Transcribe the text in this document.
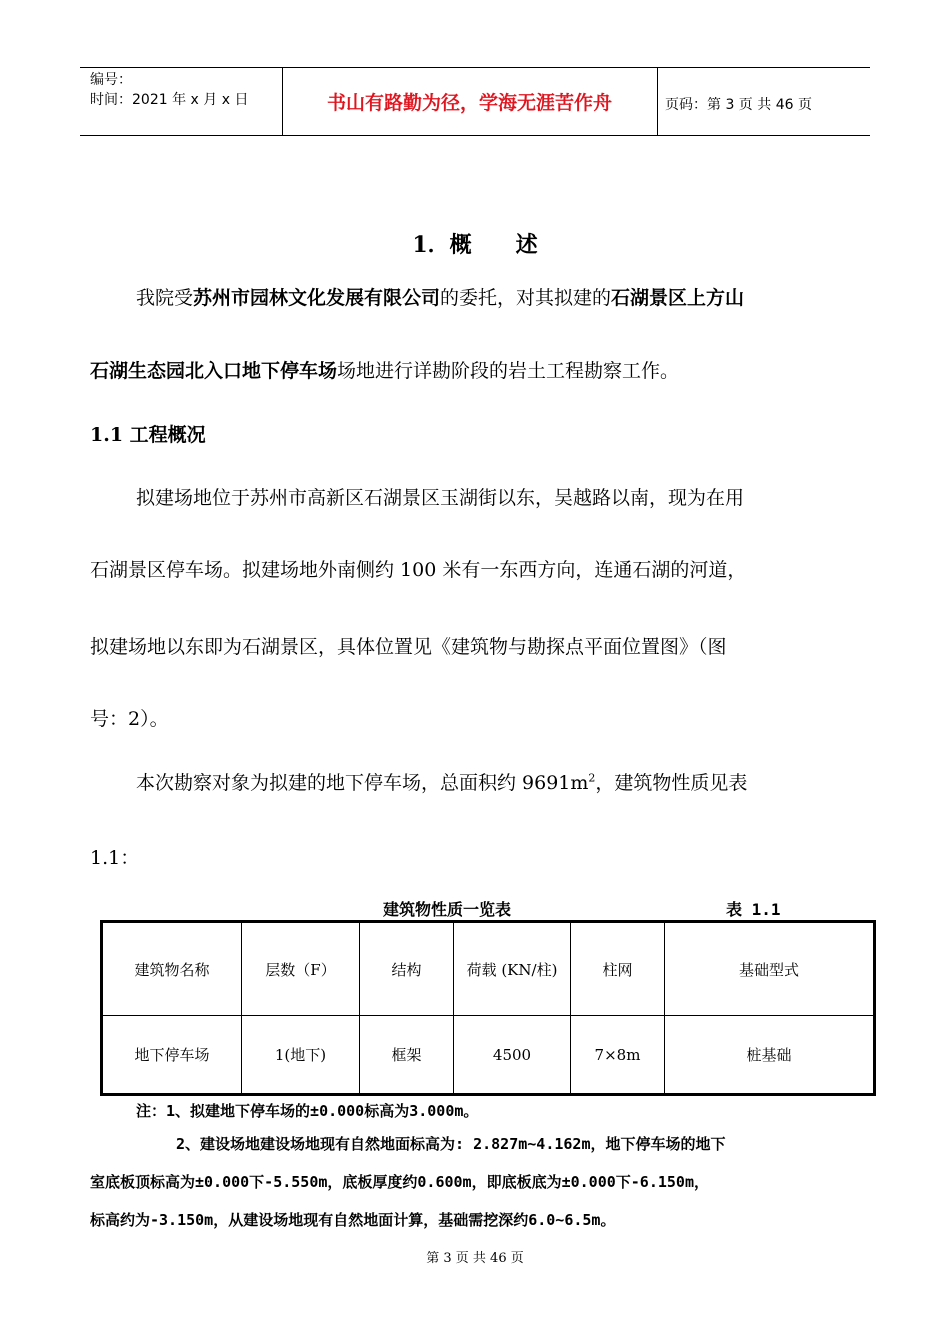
编号：
时间：2021 年 x 月 x 日	书山有路勤为径，学海无涯苦作舟	页码：第 3 页 共 46 页
1．概 述
我院受苏州市园林文化发展有限公司的委托，对其拟建的石湖景区上方山
石湖生态园北入口地下停车场场地进行详勘阶段的岩土工程勘察工作。
1.1 工程概况
拟建场地位于苏州市高新区石湖景区玉湖街以东，吴越路以南，现为在用
石湖景区停车场。拟建场地外南侧约 100 米有一东西方向，连通石湖的河道，
拟建场地以东即为石湖景区，具体位置见《建筑物与勘探点平面位置图》（图
号：2）。
本次勘察对象为拟建的地下停车场，总面积约 $9691m^2$，建筑物性质见表
1.1：
建筑物性质一览表	表 1.1
建筑物名称	层数（F）	结构	荷载 (KN/柱)	柱网	基础型式
地下停车场	1(地下)	框架	4500	7×8m	桩基础
注：1、拟建地下停车场的±0.000标高为3.000m。
2、建设场地建设场地现有自然地面标高为: 2.827m~4.162m，地下停车场的地下
室底板顶标高为±0.000下-5.550m，底板厚度约0.600m，即底板底为±0.000下-6.150m，
标高约为-3.150m，从建设场地现有自然地面计算，基础需挖深约6.0~6.5m。
第 3 页 共 46 页
